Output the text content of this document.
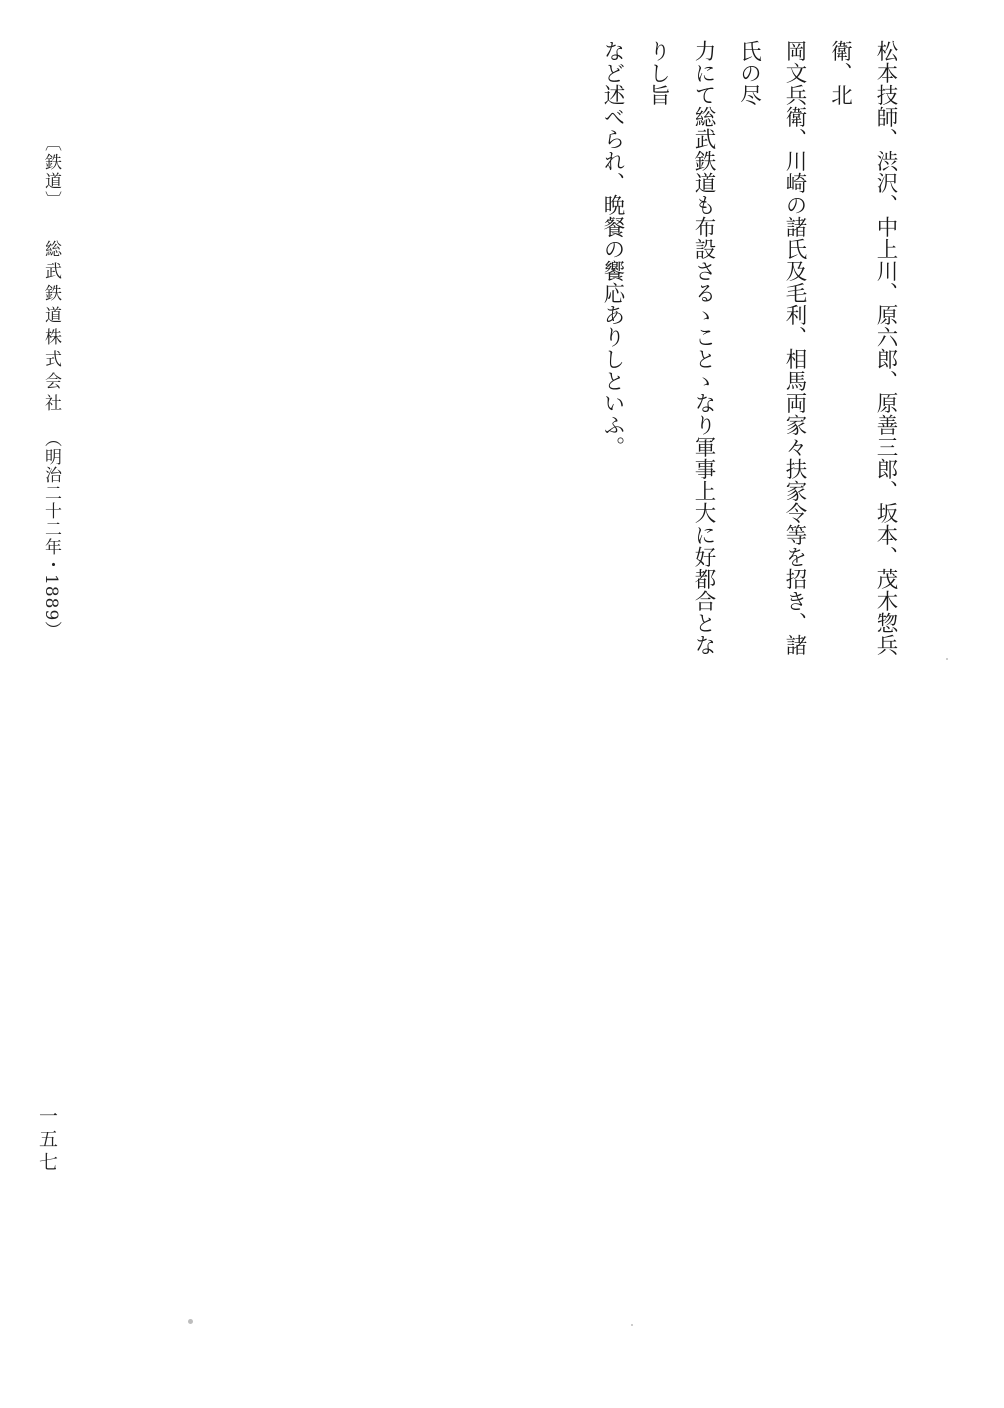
松本技師、渋沢、中上川、原六郎、原善三郎、坂本、茂木惣兵衛、北

岡文兵衛、川崎の諸氏及毛利、相馬両家々扶家令等を招き、諸氏の尽

力にて総武鉄道も布設さるゝことゝなり軍事上大に好都合となりし旨

など述べられ、晩餐の饗応ありしといふ。

〔鉄道〕総武鉄道株式会社（明治二十二年・1889）
一五七
